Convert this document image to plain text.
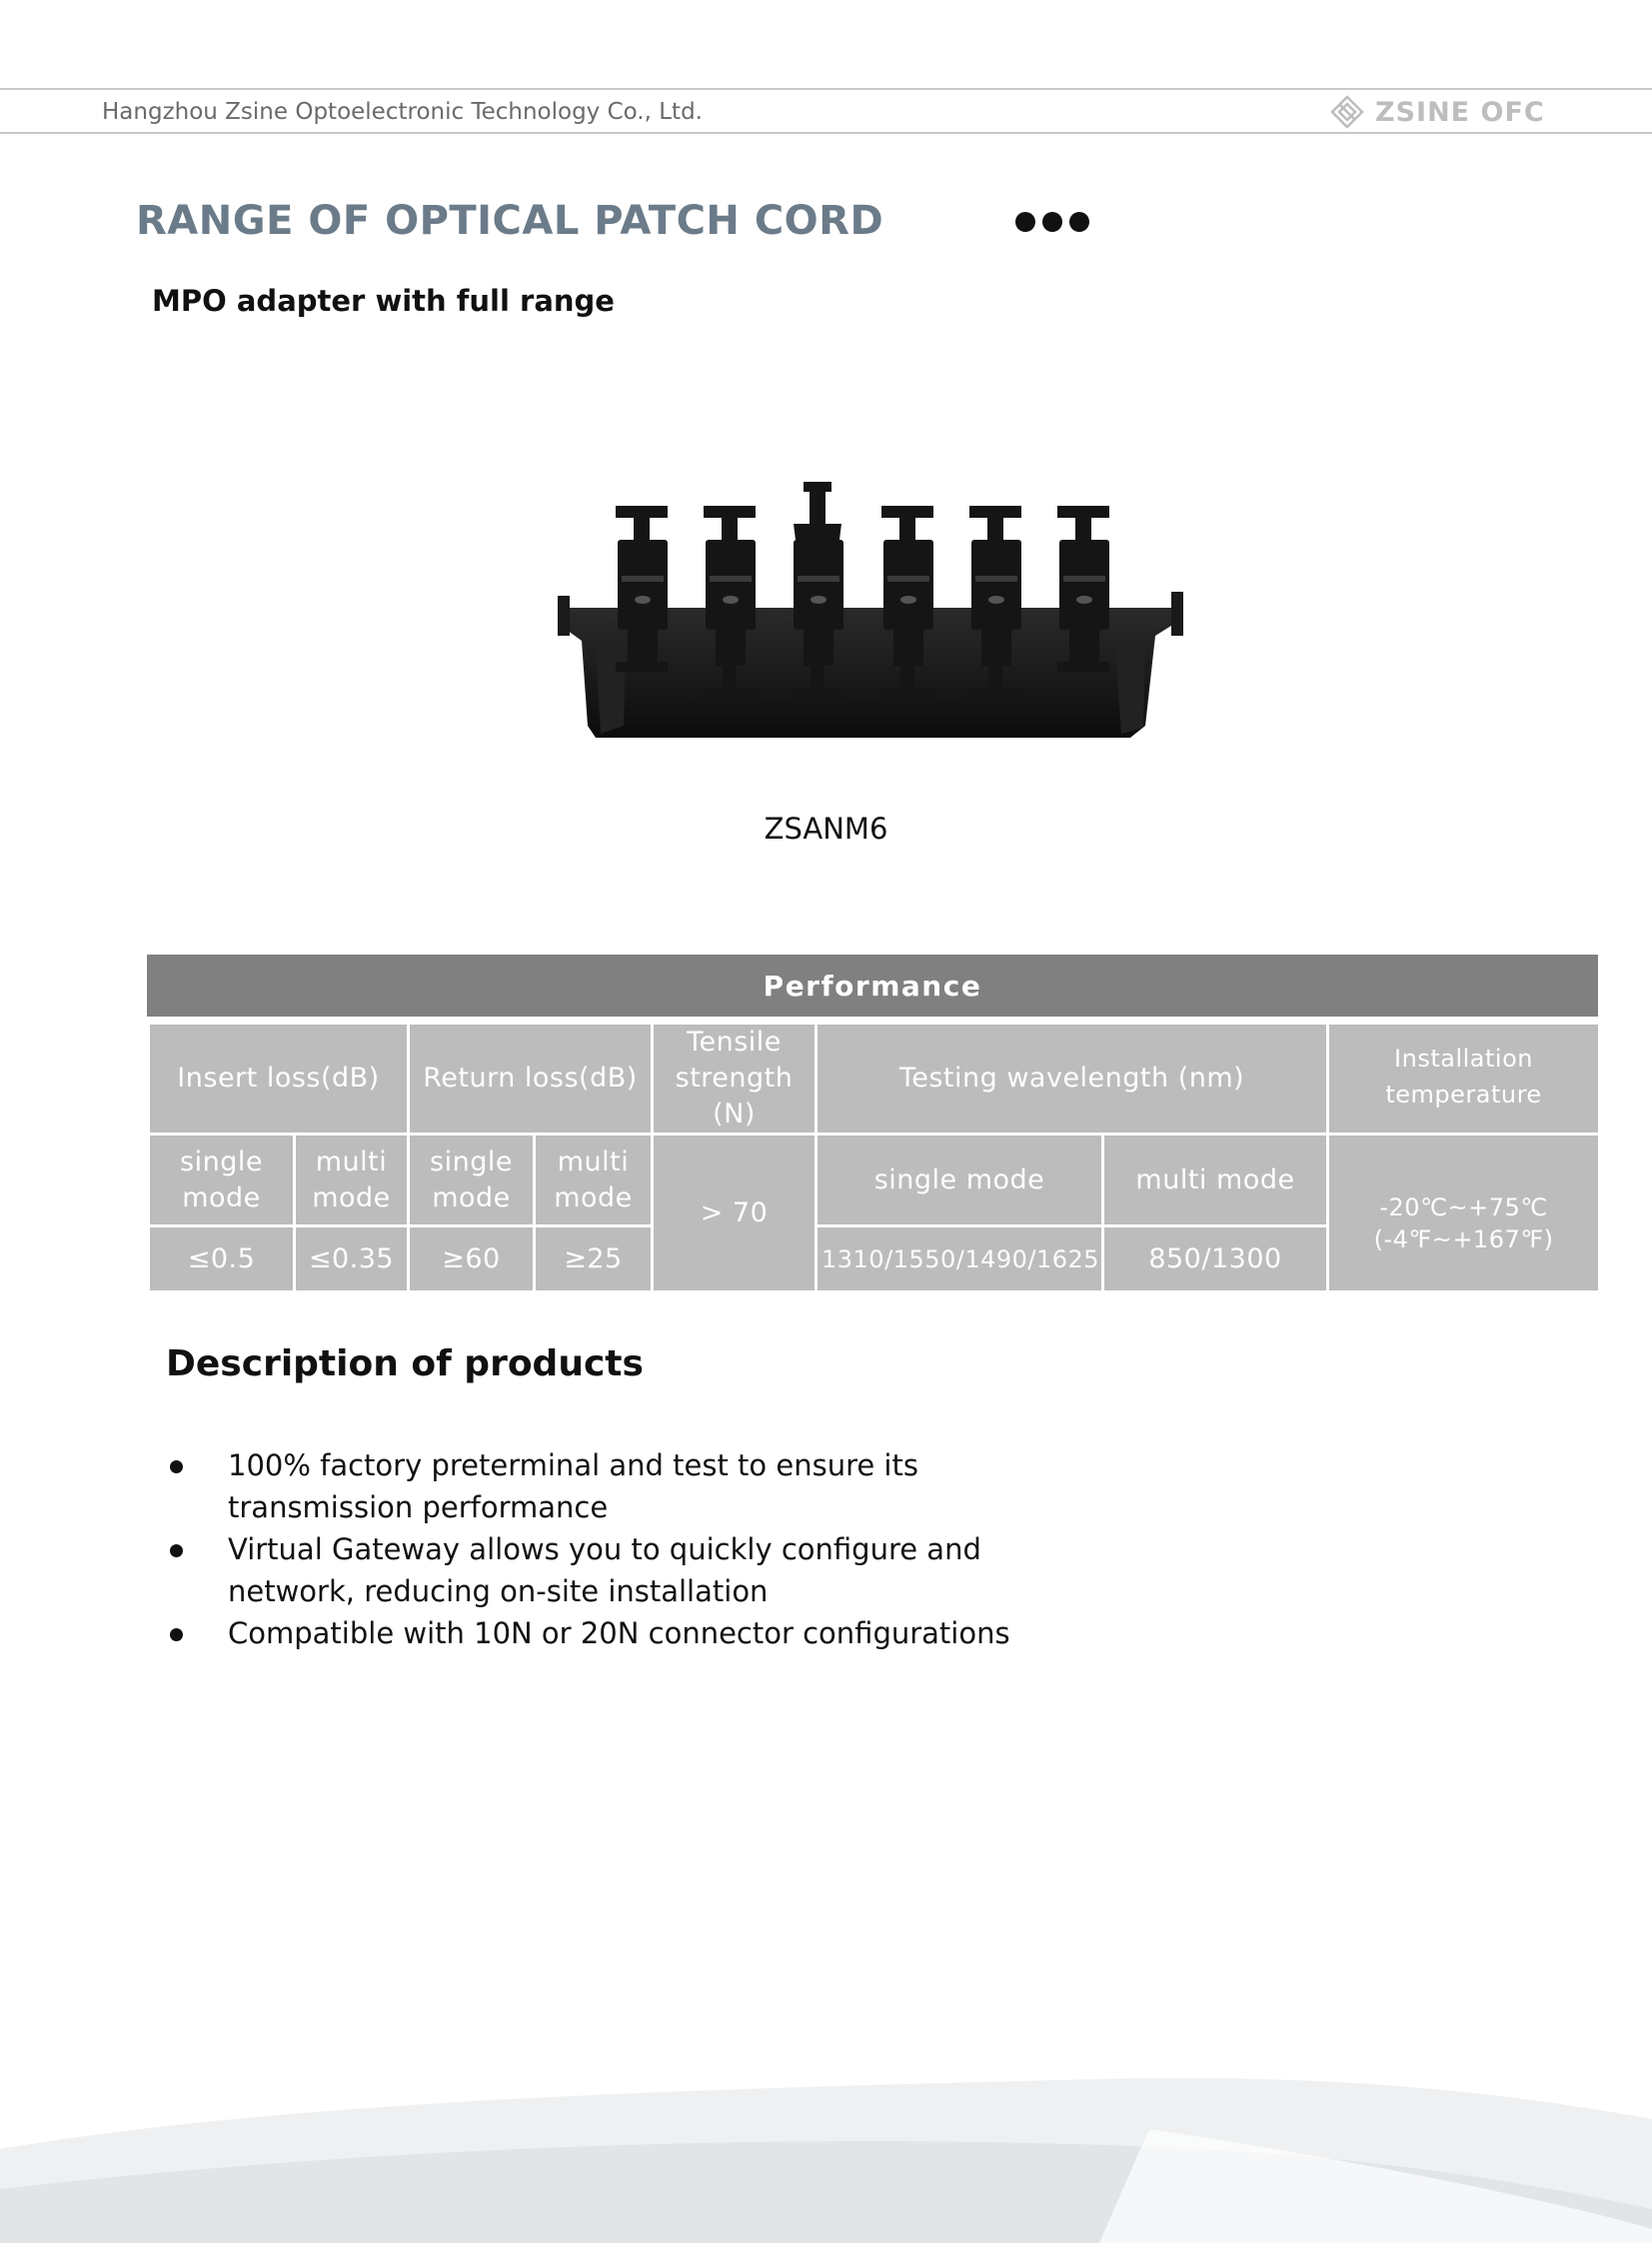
Hangzhou Zsine Optoelectronic Technology Co., Ltd.	ZSINE OFC
RANGE OF OPTICAL PATCH CORD
MPO adapter with full range
ZSANM6
Performance
Insert loss(dB)		Return loss(dB)		Tensile strength (N)	Testing wavelength (nm)		Installation temperature

single mode	multi mode	single mode	multi mode	> 70	single mode	multi mode	-20℃~+75℃
(-4℉~+167℉)

≤0.5	≤0.35	≥60	≥25		1310/1550/1490/1625	850/1300	
Description of products
100% factory preterminal and test to ensure its transmission performance
Virtual Gateway allows you to quickly configure and network, reducing on-site installation
Compatible with 10N or 20N connector configurations
